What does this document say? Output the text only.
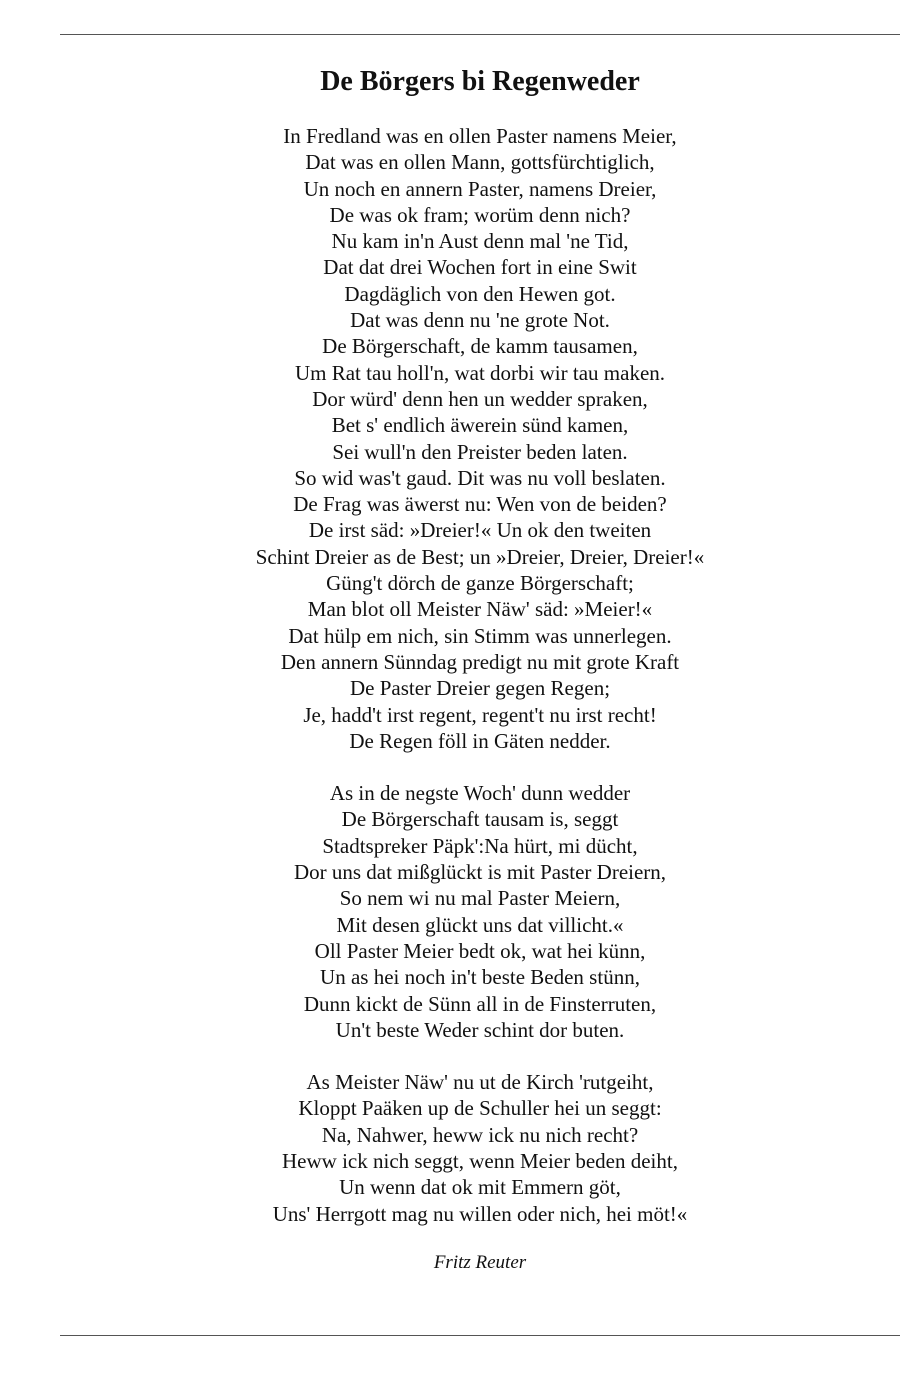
De Börgers bi Regenweder
In Fredland was en ollen Paster namens Meier,
Dat was en ollen Mann, gottsfürchtiglich,
Un noch en annern Paster, namens Dreier,
De was ok fram; worüm denn nich?
Nu kam in'n Aust denn mal 'ne Tid,
Dat dat drei Wochen fort in eine Swit
Dagdäglich von den Hewen got.
Dat was denn nu 'ne grote Not.
De Börgerschaft, de kamm tausamen,
Um Rat tau holl'n, wat dorbi wir tau maken.
Dor würd' denn hen un wedder spraken,
Bet s' endlich äwerein sünd kamen,
Sei wull'n den Preister beden laten.
So wid was't gaud. Dit was nu voll beslaten.
De Frag was äwerst nu: Wen von de beiden?
De irst säd: »Dreier!« Un ok den tweiten
Schint Dreier as de Best; un »Dreier, Dreier, Dreier!«
Güng't dörch de ganze Börgerschaft;
Man blot oll Meister Näw' säd: »Meier!«
Dat hülp em nich, sin Stimm was unnerlegen.
Den annern Sünndag predigt nu mit grote Kraft
De Paster Dreier gegen Regen;
Je, hadd't irst regent, regent't nu irst recht!
De Regen föll in Gäten nedder.
As in de negste Woch' dunn wedder
De Börgerschaft tausam is, seggt
Stadtspreker Päpk':Na hürt, mi dücht,
Dor uns dat mißglückt is mit Paster Dreiern,
So nem wi nu mal Paster Meiern,
Mit desen glückt uns dat villicht.«
Oll Paster Meier bedt ok, wat hei künn,
Un as hei noch in't beste Beden stünn,
Dunn kickt de Sünn all in de Finsterruten,
Un't beste Weder schint dor buten.
As Meister Näw' nu ut de Kirch 'rutgeiht,
Kloppt Paäken up de Schuller hei un seggt:
Na, Nahwer, heww ick nu nich recht?
Heww ick nich seggt, wenn Meier beden deiht,
Un wenn dat ok mit Emmern göt,
Uns' Herrgott mag nu willen oder nich, hei möt!«
Fritz Reuter
